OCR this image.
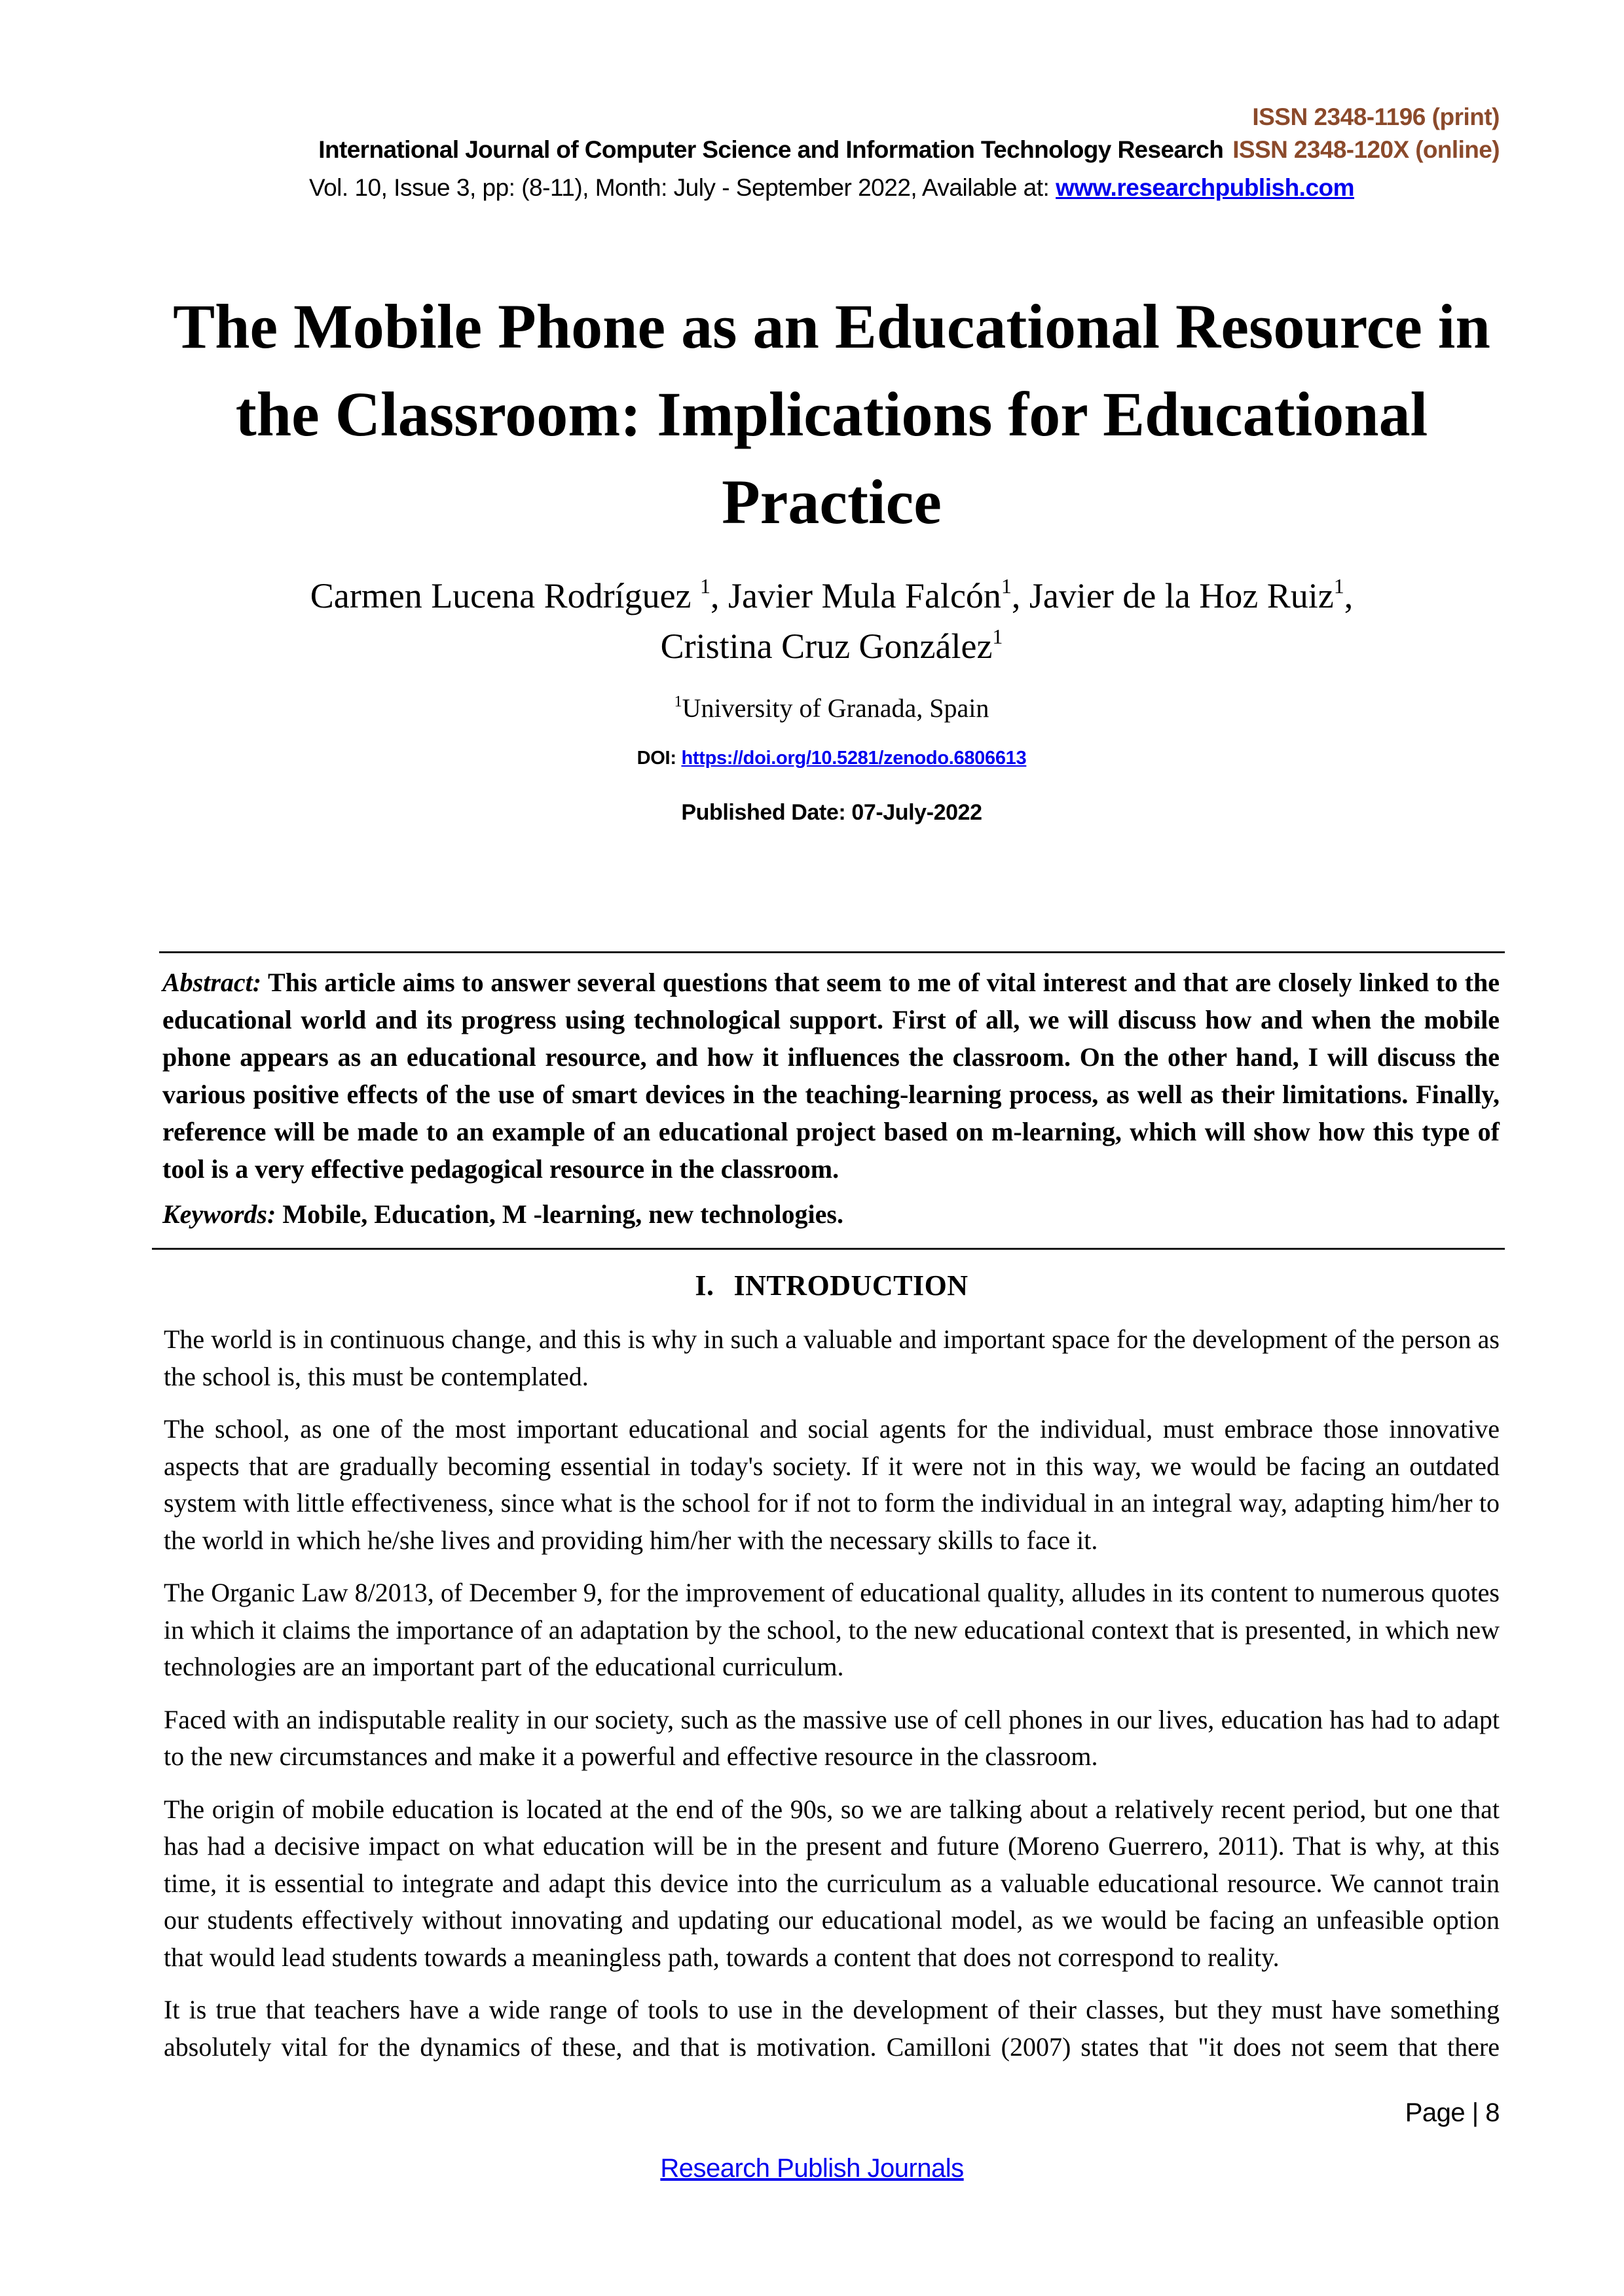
ISSN 2348-1196 (print)
International Journal of Computer Science and Information Technology Research ISSN 2348-120X (online)
Vol. 10, Issue 3, pp: (8-11), Month: July - September 2022, Available at: www.researchpublish.com
The Mobile Phone as an Educational Resource in the Classroom: Implications for Educational Practice
Carmen Lucena Rodríguez $^1$, Javier Mula Falcón$^1$, Javier de la Hoz Ruiz$^1$,
Cristina Cruz González$^1$
$^1$University of Granada, Spain
DOI: https://doi.org/10.5281/zenodo.6806613
Published Date: 07-July-2022
Abstract: This article aims to answer several questions that seem to me of vital interest and that are closely linked to the educational world and its progress using technological support. First of all, we will discuss how and when the mobile phone appears as an educational resource, and how it influences the classroom. On the other hand, I will discuss the various positive effects of the use of smart devices in the teaching-learning process, as well as their limitations. Finally, reference will be made to an example of an educational project based on m-learning, which will show how this type of tool is a very effective pedagogical resource in the classroom.
Keywords: Mobile, Education, M -learning, new technologies.
I. INTRODUCTION

The world is in continuous change, and this is why in such a valuable and important space for the development of the person as the school is, this must be contemplated.

The school, as one of the most important educational and social agents for the individual, must embrace those innovative aspects that are gradually becoming essential in today's society. If it were not in this way, we would be facing an outdated system with little effectiveness, since what is the school for if not to form the individual in an integral way, adapting him/her to the world in which he/she lives and providing him/her with the necessary skills to face it.

The Organic Law 8/2013, of December 9, for the improvement of educational quality, alludes in its content to numerous quotes in which it claims the importance of an adaptation by the school, to the new educational context that is presented, in which new technologies are an important part of the educational curriculum.

Faced with an indisputable reality in our society, such as the massive use of cell phones in our lives, education has had to adapt to the new circumstances and make it a powerful and effective resource in the classroom.

The origin of mobile education is located at the end of the 90s, so we are talking about a relatively recent period, but one that has had a decisive impact on what education will be in the present and future (Moreno Guerrero, 2011). That is why, at this time, it is essential to integrate and adapt this device into the curriculum as a valuable educational resource. We cannot train our students effectively without innovating and updating our educational model, as we would be facing an unfeasible option that would lead students towards a meaningless path, towards a content that does not correspond to reality.

It is true that teachers have a wide range of tools to use in the development of their classes, but they must have something absolutely vital for the dynamics of these, and that is motivation. Camilloni (2007) states that "it does not seem that there

Page | 8
Research Publish Journals
